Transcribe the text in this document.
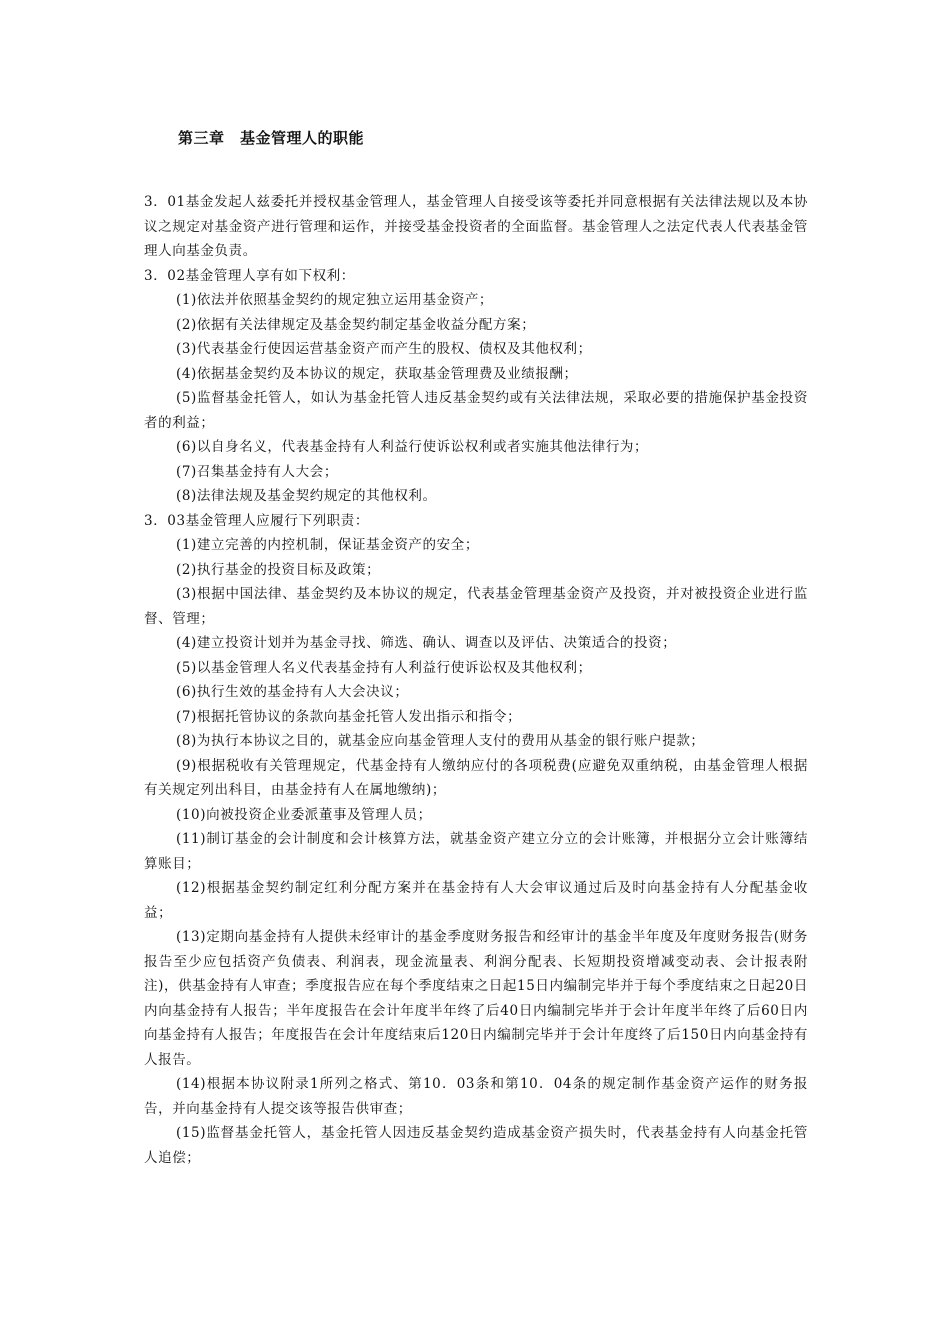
第三章　基金管理人的职能

3．01基金发起人兹委托并授权基金管理人，基金管理人自接受该等委托并同意根据有关法律法规以及本协议之规定对基金资产进行管理和运作，并接受基金投资者的全面监督。基金管理人之法定代表人代表基金管理人向基金负责。

3．02基金管理人享有如下权利：

(1)依法并依照基金契约的规定独立运用基金资产；

(2)依据有关法律规定及基金契约制定基金收益分配方案；

(3)代表基金行使因运营基金资产而产生的股权、债权及其他权利；

(4)依据基金契约及本协议的规定，获取基金管理费及业绩报酬；

(5)监督基金托管人，如认为基金托管人违反基金契约或有关法律法规，采取必要的措施保护基金投资者的利益；

(6)以自身名义，代表基金持有人利益行使诉讼权利或者实施其他法律行为；

(7)召集基金持有人大会；

(8)法律法规及基金契约规定的其他权利。

3．03基金管理人应履行下列职责：

(1)建立完善的内控机制，保证基金资产的安全；

(2)执行基金的投资目标及政策；

(3)根据中国法律、基金契约及本协议的规定，代表基金管理基金资产及投资，并对被投资企业进行监督、管理；

(4)建立投资计划并为基金寻找、筛选、确认、调查以及评估、决策适合的投资；

(5)以基金管理人名义代表基金持有人利益行使诉讼权及其他权利；

(6)执行生效的基金持有人大会决议；

(7)根据托管协议的条款向基金托管人发出指示和指令；

(8)为执行本协议之目的，就基金应向基金管理人支付的费用从基金的银行账户提款；

(9)根据税收有关管理规定，代基金持有人缴纳应付的各项税费(应避免双重纳税，由基金管理人根据有关规定列出科目，由基金持有人在属地缴纳)；

(10)向被投资企业委派董事及管理人员；

(11)制订基金的会计制度和会计核算方法，就基金资产建立分立的会计账簿，并根据分立会计账簿结算账目；

(12)根据基金契约制定红利分配方案并在基金持有人大会审议通过后及时向基金持有人分配基金收益；

(13)定期向基金持有人提供未经审计的基金季度财务报告和经审计的基金半年度及年度财务报告(财务报告至少应包括资产负债表、利润表，现金流量表、利润分配表、长短期投资增减变动表、会计报表附注)，供基金持有人审查；季度报告应在每个季度结束之日起15日内编制完毕并于每个季度结束之日起20日内向基金持有人报告；半年度报告在会计年度半年终了后40日内编制完毕并于会计年度半年终了后60日内向基金持有人报告；年度报告在会计年度结束后120日内编制完毕并于会计年度终了后150日内向基金持有人报告。

(14)根据本协议附录1所列之格式、第10．03条和第10．04条的规定制作基金资产运作的财务报告，并向基金持有人提交该等报告供审查；

(15)监督基金托管人，基金托管人因违反基金契约造成基金资产损失时，代表基金持有人向基金托管人追偿；
